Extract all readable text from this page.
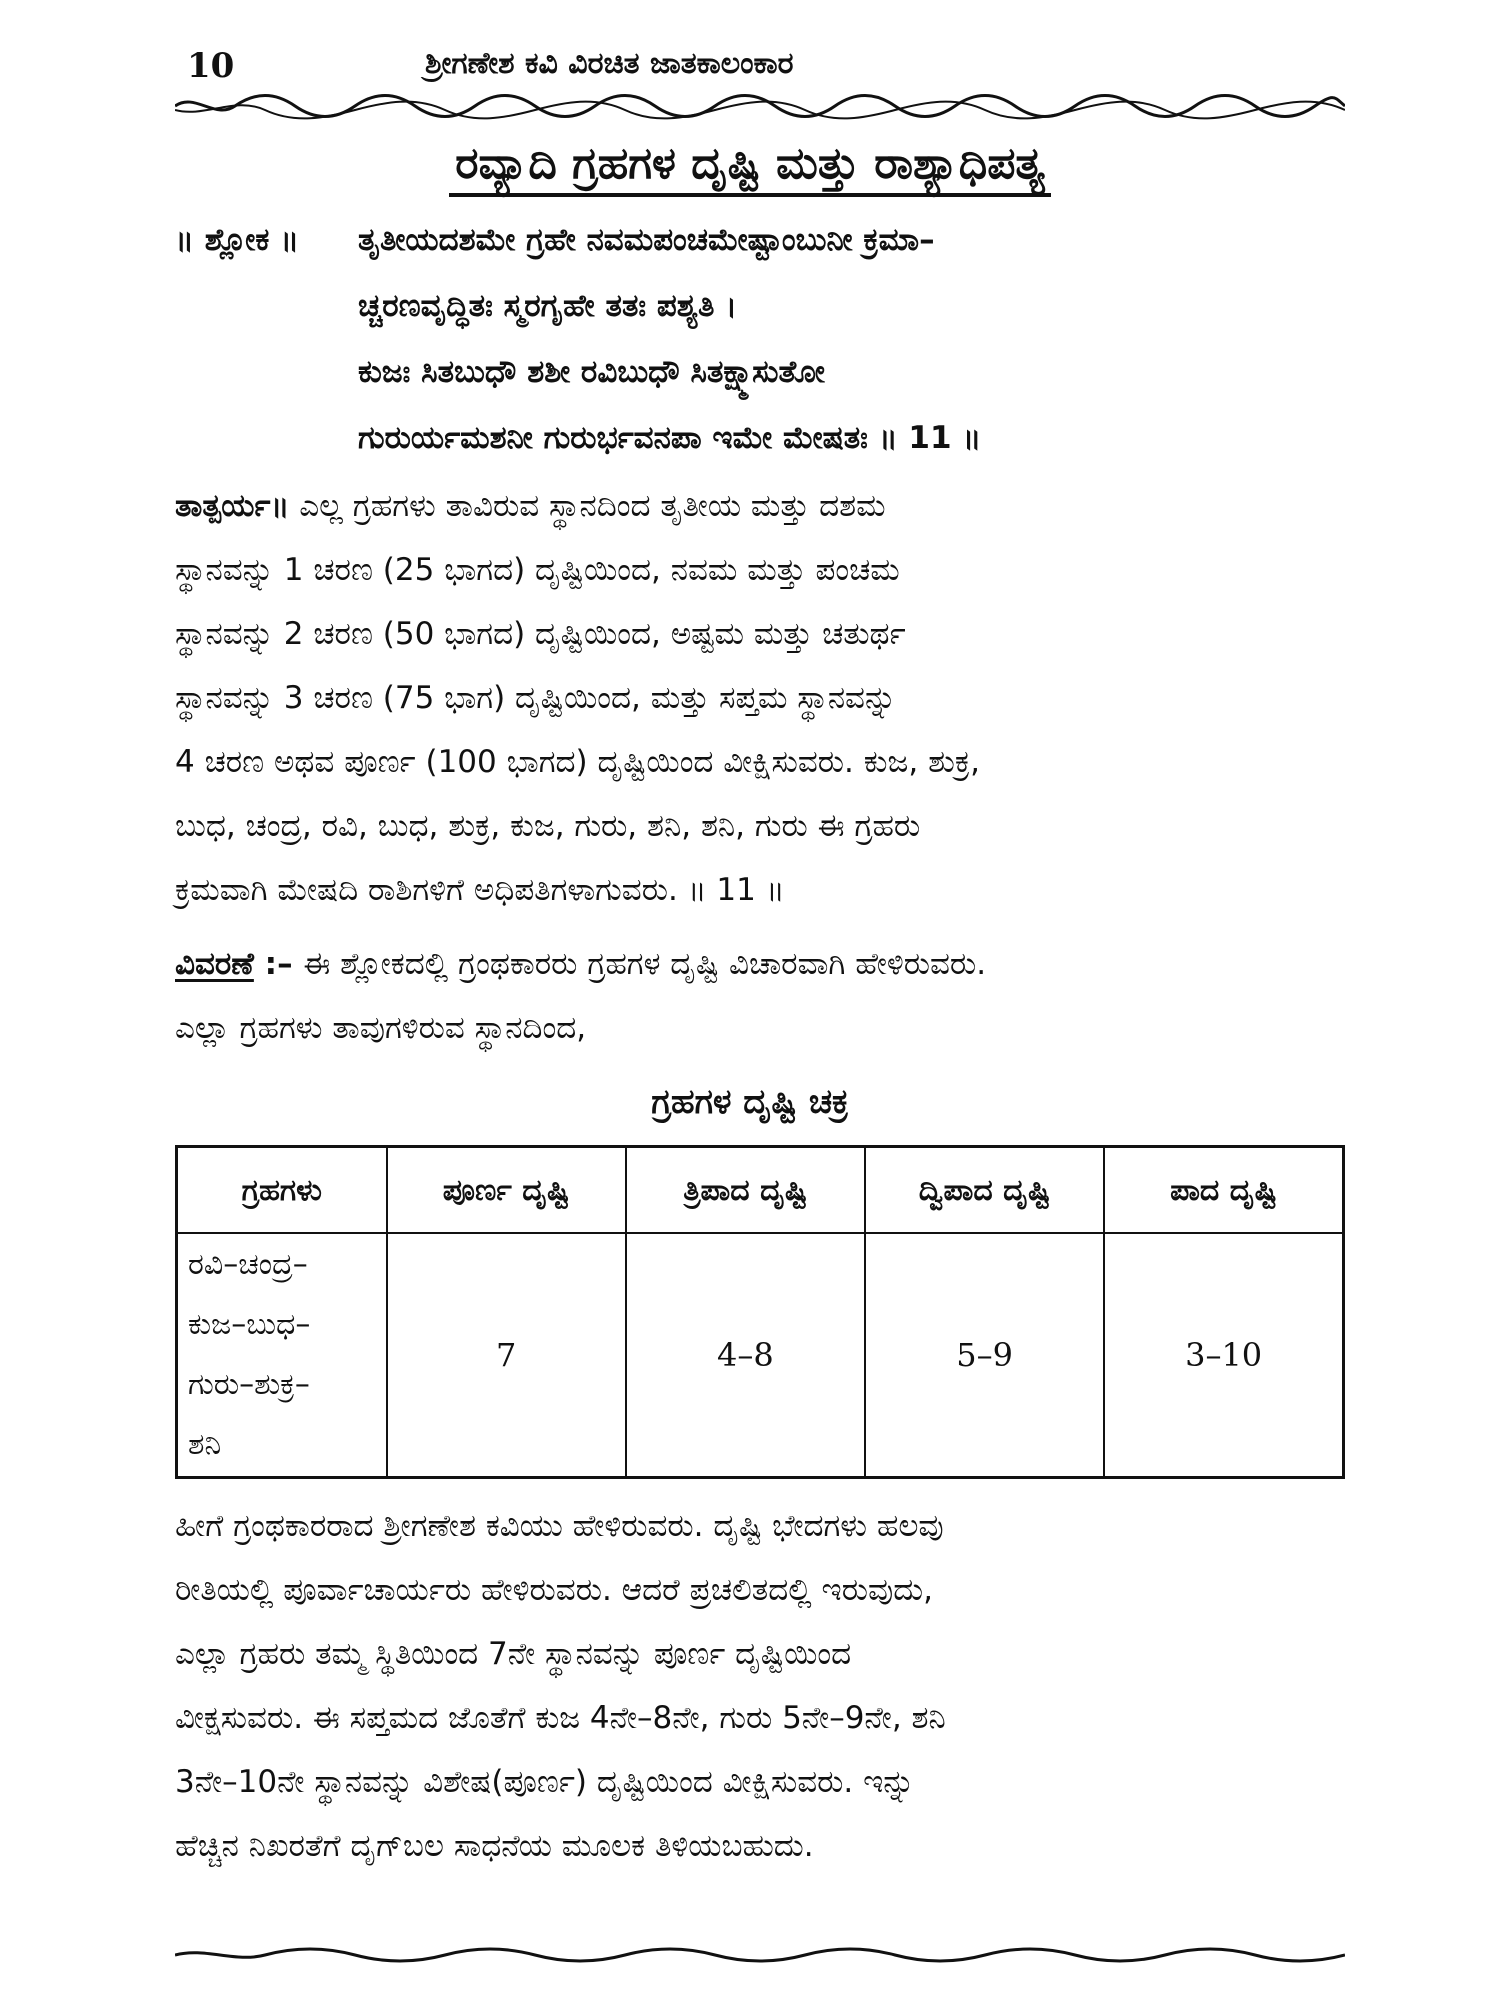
10	ಶ್ರೀಗಣೇಶ ಕವಿ ವಿರಚಿತ ಜಾತಕಾಲಂಕಾರ
ರವ್ಯಾದಿ ಗ್ರಹಗಳ ದೃಷ್ಟಿ ಮತ್ತು ರಾಶ್ಯಾಧಿಪತ್ಯ
॥ ಶ್ಲೋಕ ॥ ತೃತೀಯದಶಮೇ ಗ್ರಹೇ ನವಮಪಂಚಮೇಷ್ಟಾಂಬುನೀ ಕ್ರಮಾ–
ಚ್ಚರಣವೃದ್ಧಿತಃ ಸ್ಮರಗೃಹೇ ತತಃ ಪಶ್ಯತಿ ।
ಕುಜಃ ಸಿತಬುಧೌ ಶಶೀ ರವಿಬುಧೌ ಸಿತಕ್ಷ್ಮಾಸುತೋ
ಗುರುರ್ಯಮಶನೀ ಗುರುರ್ಭವನಪಾ ಇಮೇ ಮೇಷತಃ ॥ 11 ॥
ತಾತ್ಪರ್ಯ॥ ಎಲ್ಲ ಗ್ರಹಗಳು ತಾವಿರುವ ಸ್ಥಾನದಿಂದ ತೃತೀಯ ಮತ್ತು ದಶಮ
ಸ್ಥಾನವನ್ನು 1 ಚರಣ (25 ಭಾಗದ) ದೃಷ್ಟಿಯಿಂದ, ನವಮ ಮತ್ತು ಪಂಚಮ
ಸ್ಥಾನವನ್ನು 2 ಚರಣ (50 ಭಾಗದ) ದೃಷ್ಟಿಯಿಂದ, ಅಷ್ಟಮ ಮತ್ತು ಚತುರ್ಥ
ಸ್ಥಾನವನ್ನು 3 ಚರಣ (75 ಭಾಗ) ದೃಷ್ಟಿಯಿಂದ, ಮತ್ತು ಸಪ್ತಮ ಸ್ಥಾನವನ್ನು
4 ಚರಣ ಅಥವ ಪೂರ್ಣ (100 ಭಾಗದ) ದೃಷ್ಟಿಯಿಂದ ವೀಕ್ಷಿಸುವರು. ಕುಜ, ಶುಕ್ರ,
ಬುಧ, ಚಂದ್ರ, ರವಿ, ಬುಧ, ಶುಕ್ರ, ಕುಜ, ಗುರು, ಶನಿ, ಶನಿ, ಗುರು ಈ ಗ್ರಹರು
ಕ್ರಮವಾಗಿ ಮೇಷದಿ ರಾಶಿಗಳಿಗೆ ಅಧಿಪತಿಗಳಾಗುವರು. ॥ 11 ॥
ವಿವರಣೆ :– ಈ ಶ್ಲೋಕದಲ್ಲಿ ಗ್ರಂಥಕಾರರು ಗ್ರಹಗಳ ದೃಷ್ಟಿ ವಿಚಾರವಾಗಿ ಹೇಳಿರುವರು.
ಎಲ್ಲಾ ಗ್ರಹಗಳು ತಾವುಗಳಿರುವ ಸ್ಥಾನದಿಂದ,
ಗ್ರಹಗಳ ದೃಷ್ಟಿ ಚಕ್ರ
ಗ್ರಹಗಳು	ಪೂರ್ಣ ದೃಷ್ಟಿ	ತ್ರಿಪಾದ ದೃಷ್ಟಿ	ದ್ವಿಪಾದ ದೃಷ್ಟಿ	ಪಾದ ದೃಷ್ಟಿ

ರವಿ–ಚಂದ್ರ–
ಕುಜ–ಬುಧ–
ಗುರು–ಶುಕ್ರ–
ಶನಿ	7	4–8	5–9	3–10
ಹೀಗೆ ಗ್ರಂಥಕಾರರಾದ ಶ್ರೀಗಣೇಶ ಕವಿಯು ಹೇಳಿರುವರು. ದೃಷ್ಟಿ ಭೇದಗಳು ಹಲವು
ರೀತಿಯಲ್ಲಿ ಪೂರ್ವಾಚಾರ್ಯರು ಹೇಳಿರುವರು. ಆದರೆ ಪ್ರಚಲಿತದಲ್ಲಿ ಇರುವುದು,
ಎಲ್ಲಾ ಗ್ರಹರು ತಮ್ಮ ಸ್ಥಿತಿಯಿಂದ 7ನೇ ಸ್ಥಾನವನ್ನು ಪೂರ್ಣ ದೃಷ್ಟಿಯಿಂದ
ವೀಕ್ಷಸುವರು. ಈ ಸಪ್ತಮದ ಜೊತೆಗೆ ಕುಜ 4ನೇ–8ನೇ, ಗುರು 5ನೇ–9ನೇ, ಶನಿ
3ನೇ–10ನೇ ಸ್ಥಾನವನ್ನು ವಿಶೇಷ(ಪೂರ್ಣ) ದೃಷ್ಟಿಯಿಂದ ವೀಕ್ಷಿಸುವರು. ಇನ್ನು
ಹೆಚ್ಚಿನ ನಿಖರತೆಗೆ ದೃಗ್‌ಬಲ ಸಾಧನೆಯ ಮೂಲಕ ತಿಳಿಯಬಹುದು.
